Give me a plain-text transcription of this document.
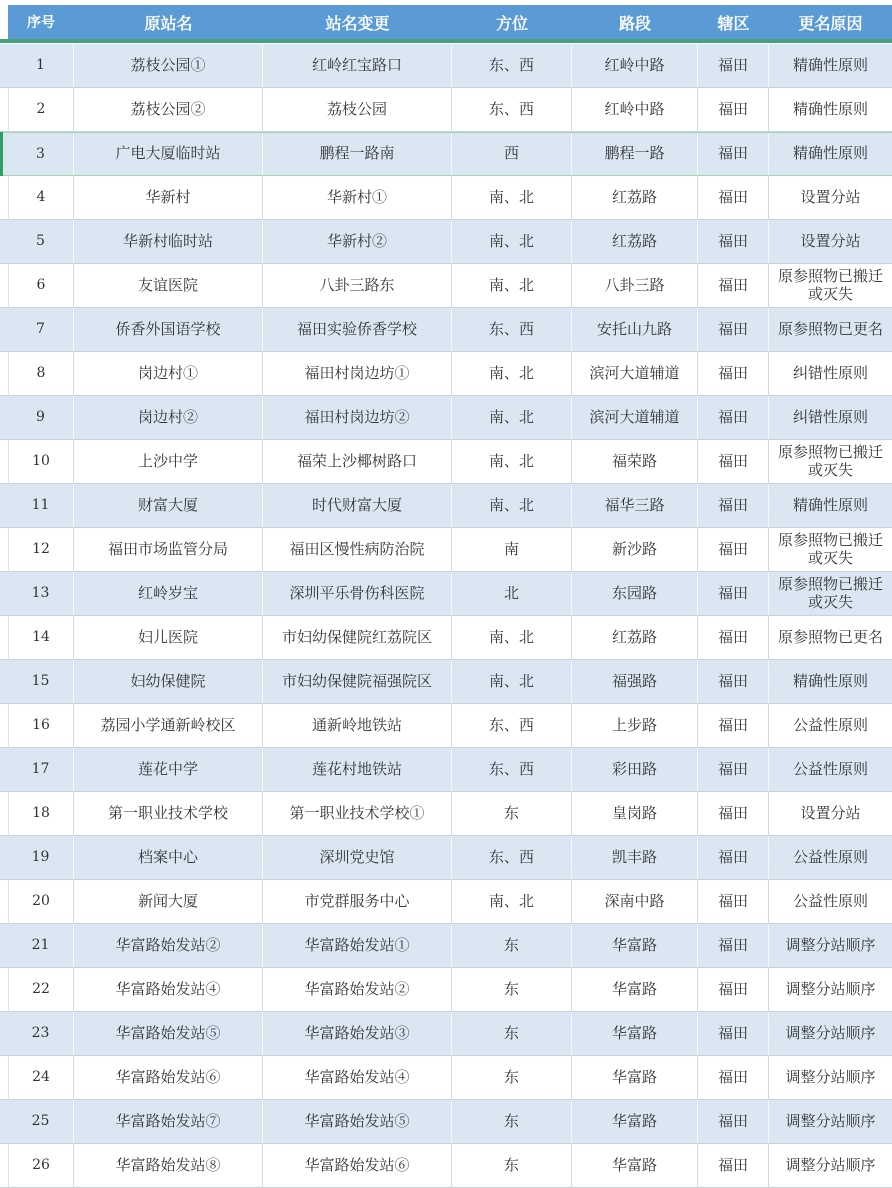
序号	原站名	站名变更	方位	路段	辖区	更名原因
1	荔枝公园①	红岭红宝路口	东、西	红岭中路	福田	精确性原则
2	荔枝公园②	荔枝公园	东、西	红岭中路	福田	精确性原则
3	广电大厦临时站	鹏程一路南	西	鹏程一路	福田	精确性原则
4	华新村	华新村①	南、北	红荔路	福田	设置分站
5	华新村临时站	华新村②	南、北	红荔路	福田	设置分站
6	友谊医院	八卦三路东	南、北	八卦三路	福田	原参照物已搬迁或灭失
7	侨香外国语学校	福田实验侨香学校	东、西	安托山九路	福田	原参照物已更名
8	岗边村①	福田村岗边坊①	南、北	滨河大道辅道	福田	纠错性原则
9	岗边村②	福田村岗边坊②	南、北	滨河大道辅道	福田	纠错性原则
10	上沙中学	福荣上沙椰树路口	南、北	福荣路	福田	原参照物已搬迁或灭失
11	财富大厦	时代财富大厦	南、北	福华三路	福田	精确性原则
12	福田市场监管分局	福田区慢性病防治院	南	新沙路	福田	原参照物已搬迁或灭失
13	红岭岁宝	深圳平乐骨伤科医院	北	东园路	福田	原参照物已搬迁或灭失
14	妇儿医院	市妇幼保健院红荔院区	南、北	红荔路	福田	原参照物已更名
15	妇幼保健院	市妇幼保健院福强院区	南、北	福强路	福田	精确性原则
16	荔园小学通新岭校区	通新岭地铁站	东、西	上步路	福田	公益性原则
17	莲花中学	莲花村地铁站	东、西	彩田路	福田	公益性原则
18	第一职业技术学校	第一职业技术学校①	东	皇岗路	福田	设置分站
19	档案中心	深圳党史馆	东、西	凯丰路	福田	公益性原则
20	新闻大厦	市党群服务中心	南、北	深南中路	福田	公益性原则
21	华富路始发站②	华富路始发站①	东	华富路	福田	调整分站顺序
22	华富路始发站④	华富路始发站②	东	华富路	福田	调整分站顺序
23	华富路始发站⑤	华富路始发站③	东	华富路	福田	调整分站顺序
24	华富路始发站⑥	华富路始发站④	东	华富路	福田	调整分站顺序
25	华富路始发站⑦	华富路始发站⑤	东	华富路	福田	调整分站顺序
26	华富路始发站⑧	华富路始发站⑥	东	华富路	福田	调整分站顺序
